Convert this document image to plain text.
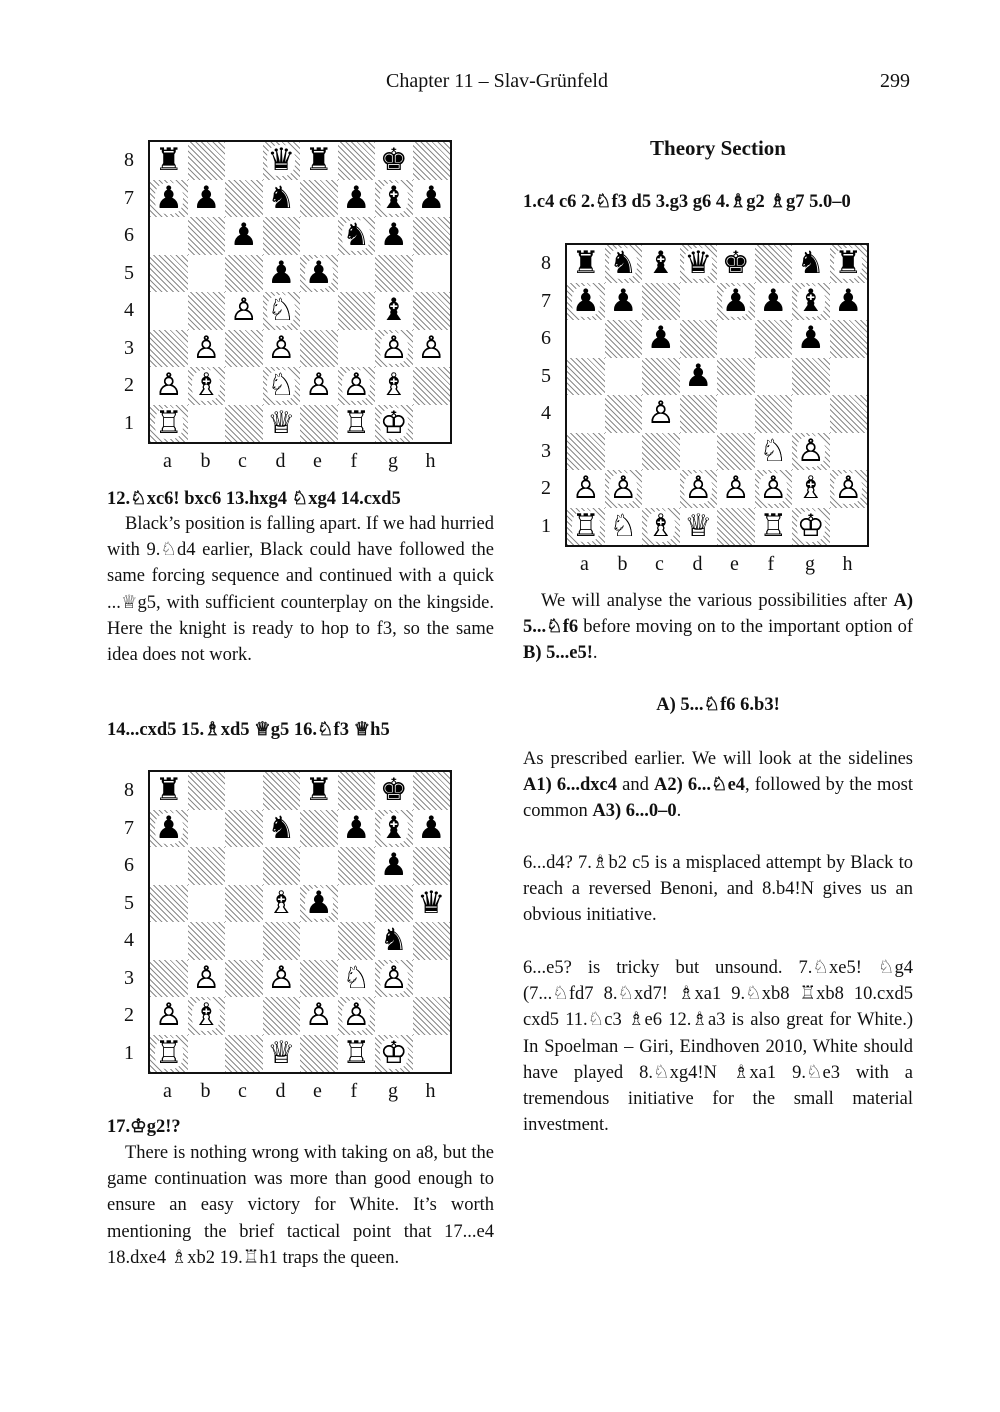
Chapter 11 – Slav-Grünfeld	299
8
7
6
5
4
3
2
1
♜	♛ ♜ ♚
♟ ♟ ♞ ♟ ♝ ♟
♟	♞ ♟
♟ ♟
♙ ♘	♝
♙ ♙	♙ ♙
♙ ♗ ♘ ♙ ♙ ♗
♖	♕ ♖ ♔
a b c d e f g h
12.♘xc6! bxc6 13.hxg4 ♘xg4 14.cxd5

Black’s position is falling apart. If we had hurried with 9.♘d4 earlier, Black could have followed the same forcing sequence and continued with a quick ...♕g5, with sufficient counterplay on the kingside. Here the knight is ready to hop to f3, so the same idea does not work.

14...cxd5 15.♗xd5 ♕g5 16.♘f3 ♕h5
8
7
6
5
4
3
2
1
♜	♜ ♚
♟	♞ ♟ ♝ ♟
♟
♗ ♟	♛
♞
♙ ♙ ♘ ♙
♙ ♗	♙ ♙
♖	♕ ♖ ♔
a b c d e f g h
17.♔g2!?

There is nothing wrong with taking on a8, but the game continuation was more than good enough to ensure an easy victory for White. It’s worth mentioning the brief tactical point that 17...e4 18.dxe4 ♗xb2 19.♖h1 traps the queen.

Theory Section
1.c4 c6 2.♘f3 d5 3.g3 g6 4.♗g2 ♗g7 5.0–0
8
7
6
5
4
3
2
1
♜ ♞ ♝ ♛ ♚ ♞ ♜
♟ ♟	♟ ♟ ♝ ♟
♟	♟
♟
♙
♘ ♙
♙ ♙ ♙ ♙ ♙ ♗ ♙
♖ ♘ ♗ ♕ ♖ ♔
a b c d e f g h

We will analyse the various possibilities after A) 5...♘f6 before moving on to the important option of B) 5...e5!.

A) 5...♘f6 6.b3!

As prescribed earlier. We will look at the sidelines A1) 6...dxc4 and A2) 6...♘e4, followed by the most common A3) 6...0–0.

6...d4? 7.♗b2 c5 is a misplaced attempt by Black to reach a reversed Benoni, and 8.b4!N gives us an obvious initiative.

6...e5? is tricky but unsound. 7.♘xe5! ♘g4 (7...♘fd7 8.♘xd7! ♗xa1 9.♘xb8 ♖xb8 10.cxd5 cxd5 11.♘c3 ♗e6 12.♗a3 is also great for White.) In Spoelman – Giri, Eindhoven 2010, White should have played 8.♘xg4!N ♗xa1 9.♘e3 with a tremendous initiative for the small material investment.
